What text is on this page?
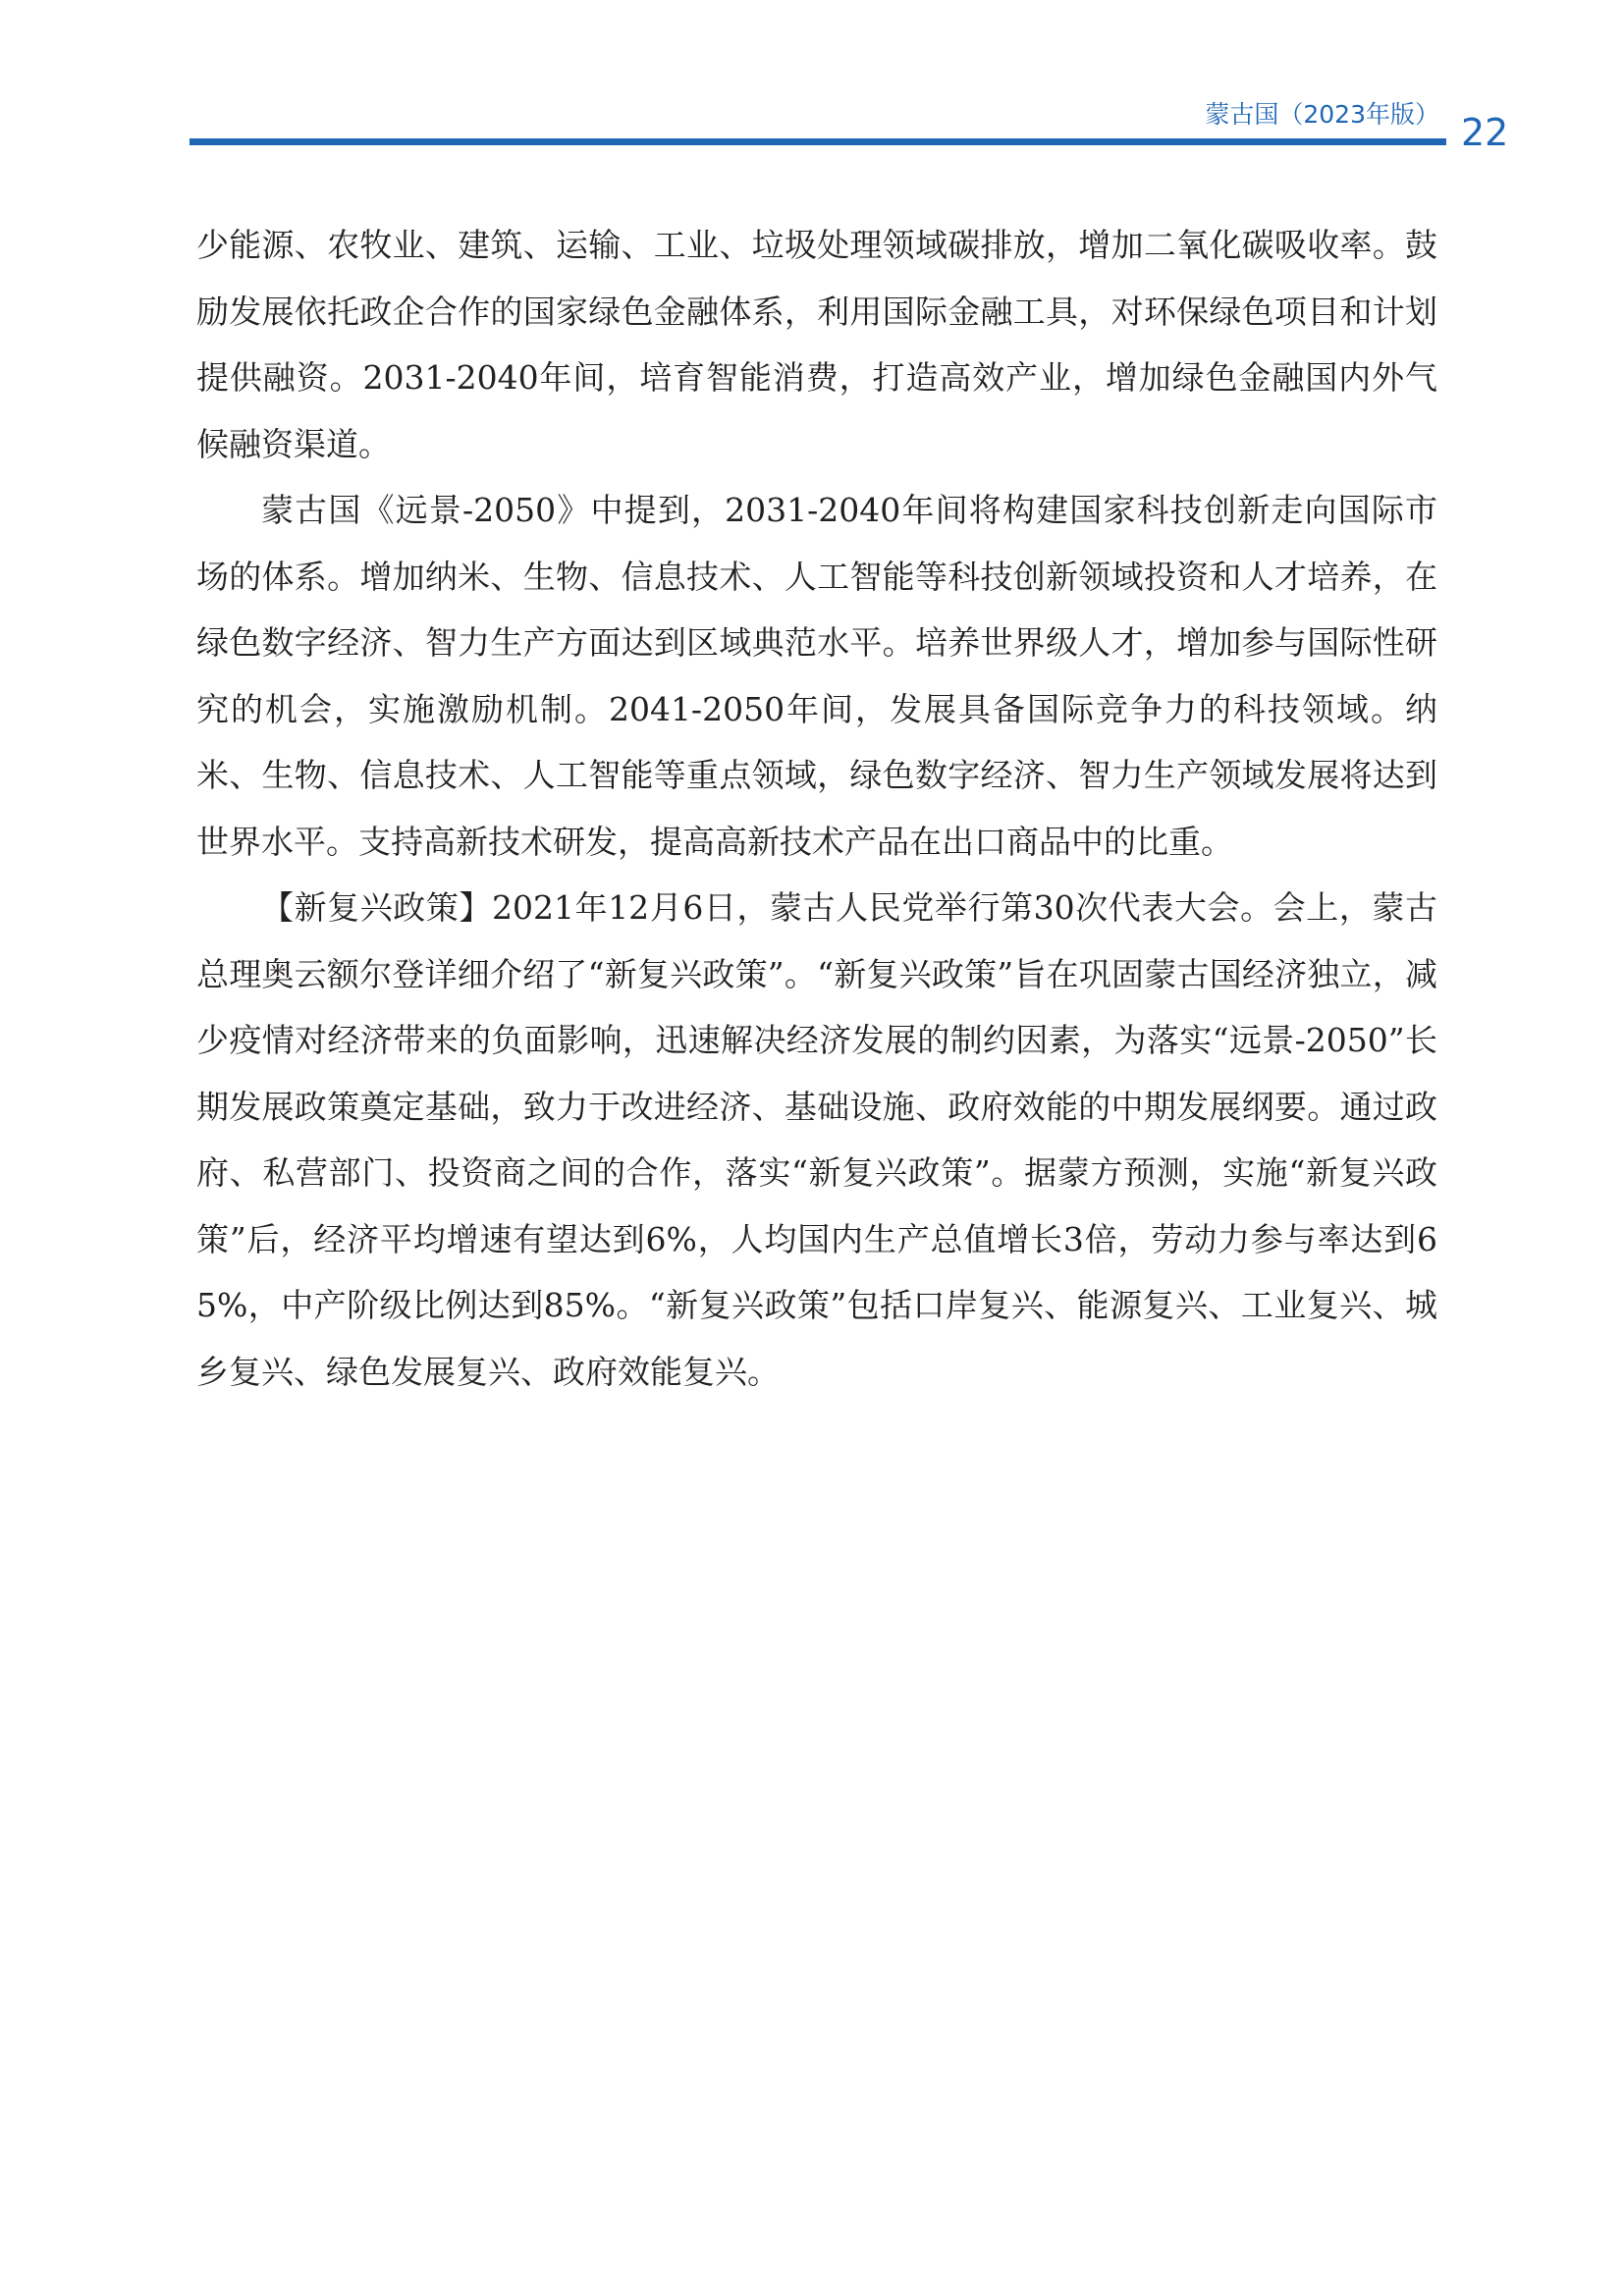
蒙古国（2023年版） 22

少能源、农牧业、建筑、运输、工业、垃圾处理领域碳排放，增加二氧化碳吸收率。鼓励发展依托政企合作的国家绿色金融体系，利用国际金融工具，对环保绿色项目和计划提供融资。2031-2040年间，培育智能消费，打造高效产业，增加绿色金融国内外气候融资渠道。

蒙古国《远景-2050》中提到，2031-2040年间将构建国家科技创新走向国际市场的体系。增加纳米、生物、信息技术、人工智能等科技创新领域投资和人才培养，在绿色数字经济、智力生产方面达到区域典范水平。培养世界级人才，增加参与国际性研究的机会，实施激励机制。2041-2050年间，发展具备国际竞争力的科技领域。纳米、生物、信息技术、人工智能等重点领域，绿色数字经济、智力生产领域发展将达到世界水平。支持高新技术研发，提高高新技术产品在出口商品中的比重。

【新复兴政策】2021年12月6日，蒙古人民党举行第30次代表大会。会上，蒙古总理奥云额尔登详细介绍了“新复兴政策”。“新复兴政策”旨在巩固蒙古国经济独立，减少疫情对经济带来的负面影响，迅速解决经济发展的制约因素，为落实“远景-2050”长期发展政策奠定基础，致力于改进经济、基础设施、政府效能的中期发展纲要。通过政府、私营部门、投资商之间的合作，落实“新复兴政策”。据蒙方预测，实施“新复兴政策”后，经济平均增速有望达到6%，人均国内生产总值增长3倍，劳动力参与率达到65%，中产阶级比例达到85%。“新复兴政策”包括口岸复兴、能源复兴、工业复兴、城乡复兴、绿色发展复兴、政府效能复兴。
